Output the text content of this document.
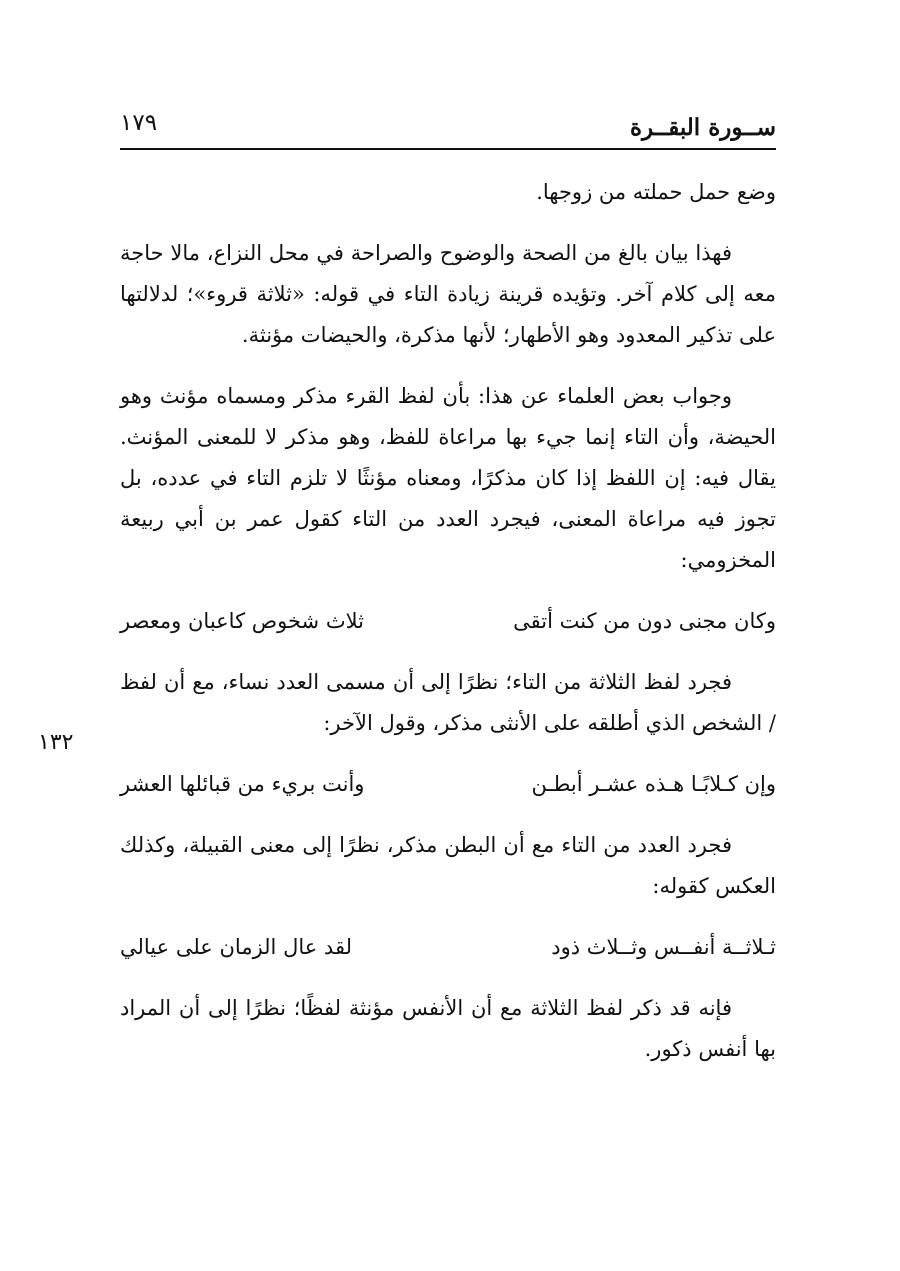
ســورة البقــرة
١٧٩
١٣٢

وضع حمل حملته من زوجها.

فهذا بيان بالغ من الصحة والوضوح والصراحة في محل النزاع، مالا حاجة معه إلى كلام آخر. وتؤيده قرينة زيادة التاء في قوله: «ثلاثة قروء»؛ لدلالتها على تذكير المعدود وهو الأطهار؛ لأنها مذكرة، والحيضات مؤنثة.

وجواب بعض العلماء عن هذا: بأن لفظ القرء مذكر ومسماه مؤنث وهو الحيضة، وأن التاء إنما جيء بها مراعاة للفظ، وهو مذكر لا للمعنى المؤنث. يقال فيه: إن اللفظ إذا كان مذكرًا، ومعناه مؤنثًا لا تلزم التاء في عدده، بل تجوز فيه مراعاة المعنى، فيجرد العدد من التاء كقول عمر بن أبي ربيعة المخزومي:

وكان مجنى دون من كنت أتقى
ثلاث شخوص كاعبان ومعصر

فجرد لفظ الثلاثة من التاء؛ نظرًا إلى أن مسمى العدد نساء، مع أن لفظ / الشخص الذي أطلقه على الأنثى مذكر، وقول الآخر:

وإن كـلابًـا هـذه عشـر أبطـن
وأنت بريء من قبائلها العشر

فجرد العدد من التاء مع أن البطن مذكر، نظرًا إلى معنى القبيلة، وكذلك العكس كقوله:

ثـلاثــة أنفــس وثــلاث ذود
لقد عال الزمان على عيالي

فإنه قد ذكر لفظ الثلاثة مع أن الأنفس مؤنثة لفظًا؛ نظرًا إلى أن المراد بها أنفس ذكور.
